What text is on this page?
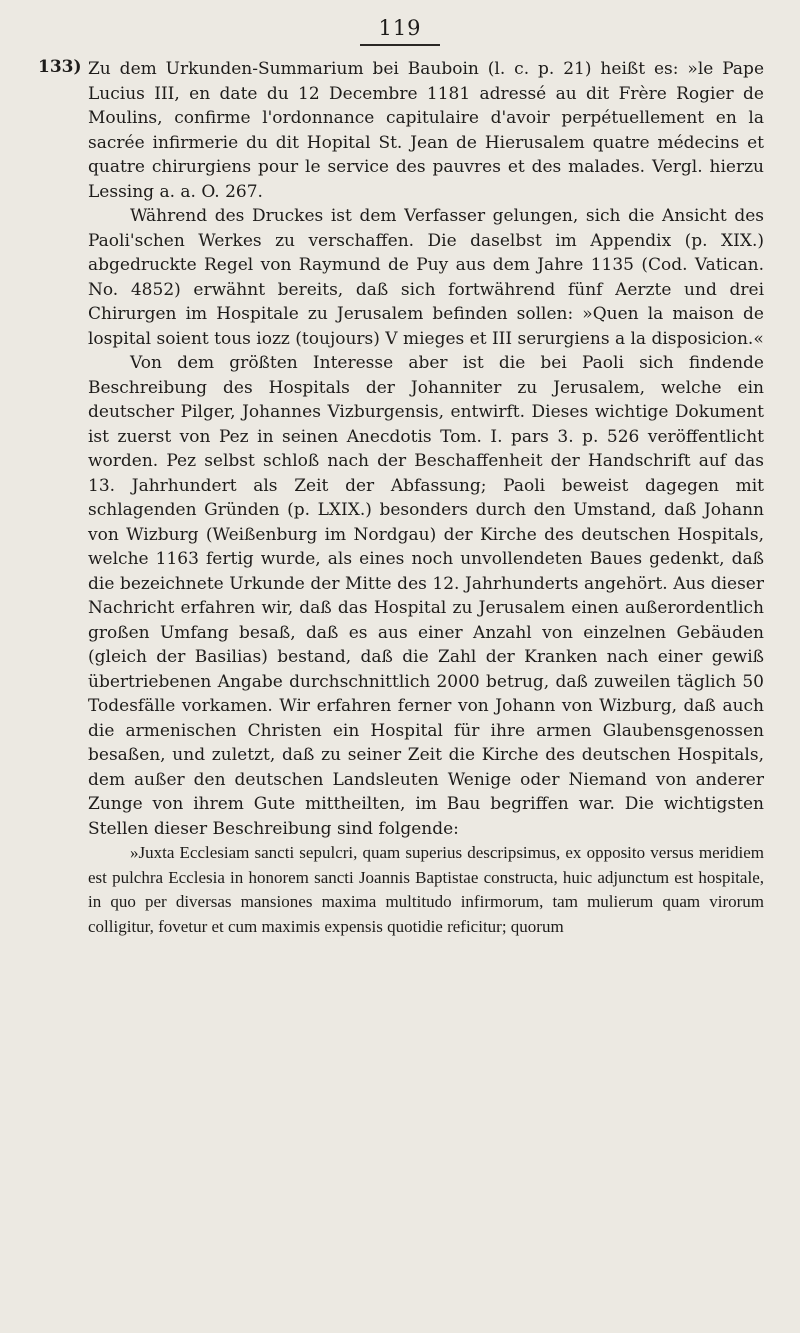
119
133) Zu dem Urkunden-Summarium bei Bauboin (l. c. p. 21) heißt es: »le Pape Lucius III, en date du 12 Decembre 1181 adressé au dit Frère Rogier de Moulins, confirme l'ordonnance capitulaire d'avoir perpétuellement en la sacrée infirmerie du dit Hopital St. Jean de Hierusalem quatre médecins et quatre chirurgiens pour le service des pauvres et des malades. Vergl. hierzu Lessing a. a. O. 267.

Während des Druckes ist dem Verfasser gelungen, sich die Ansicht des Paoli'schen Werkes zu verschaffen. Die daselbst im Appendix (p. XIX.) abgedruckte Regel von Raymund de Puy aus dem Jahre 1135 (Cod. Vatican. No. 4852) erwähnt bereits, daß sich fortwährend fünf Aerzte und drei Chirurgen im Hospitale zu Jerusalem befinden sollen: »Quen la maison de lospital soient tous iozz (toujours) V mieges et III serurgiens a la disposicion.«

Von dem größten Interesse aber ist die bei Paoli sich findende Beschreibung des Hospitals der Johanniter zu Jerusalem, welche ein deutscher Pilger, Johannes Vizburgensis, entwirft. Dieses wichtige Dokument ist zuerst von Pez in seinen Anecdotis Tom. I. pars 3. p. 526 veröffentlicht worden. Pez selbst schloß nach der Beschaffenheit der Handschrift auf das 13. Jahrhundert als Zeit der Abfassung; Paoli beweist dagegen mit schlagenden Gründen (p. LXIX.) besonders durch den Umstand, daß Johann von Wizburg (Weißenburg im Nordgau) der Kirche des deutschen Hospitals, welche 1163 fertig wurde, als eines noch unvollendeten Baues gedenkt, daß die bezeichnete Urkunde der Mitte des 12. Jahrhunderts angehört. Aus dieser Nachricht erfahren wir, daß das Hospital zu Jerusalem einen außerordentlich großen Umfang besaß, daß es aus einer Anzahl von einzelnen Gebäuden (gleich der Basilias) bestand, daß die Zahl der Kranken nach einer gewiß übertriebenen Angabe durchschnittlich 2000 betrug, daß zuweilen täglich 50 Todesfälle vorkamen. Wir erfahren ferner von Johann von Wizburg, daß auch die armenischen Christen ein Hospital für ihre armen Glaubensgenossen besaßen, und zuletzt, daß zu seiner Zeit die Kirche des deutschen Hospitals, dem außer den deutschen Landsleuten Wenige oder Niemand von anderer Zunge von ihrem Gute mittheilten, im Bau begriffen war. Die wichtigsten Stellen dieser Beschreibung sind folgende:

»Juxta Ecclesiam sancti sepulcri, quam superius descripsimus, ex opposito versus meridiem est pulchra Ecclesia in honorem sancti Joannis Baptistae constructa, huic adjunctum est hospitale, in quo per diversas mansiones maxima multitudo infirmorum, tam mulierum quam virorum colligitur, fovetur et cum maximis expensis quotidie reficitur; quorum
